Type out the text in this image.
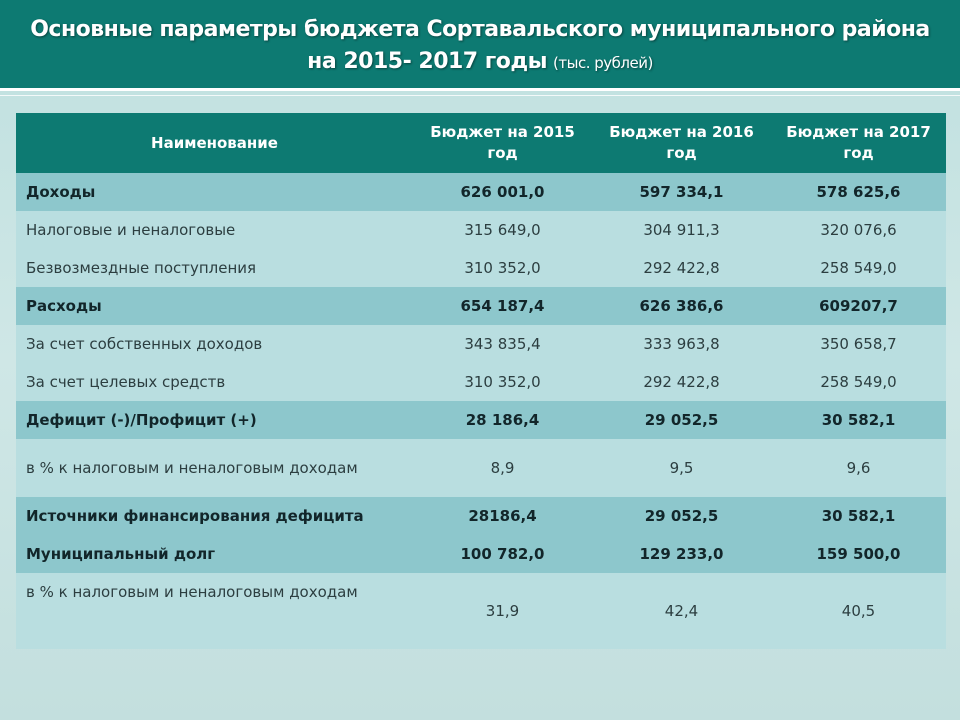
Основные параметры бюджета Сортавальского муниципального района
на 2015- 2017 годы (тыс. рублей)
Наименование	Бюджет на 2015 год	Бюджет на 2016 год	Бюджет на 2017 год
Доходы	626 001,0	597 334,1	578 625,6
Налоговые и неналоговые	315 649,0	304 911,3	320 076,6
Безвозмездные поступления	310 352,0	292 422,8	258 549,0
Расходы	654 187,4	626 386,6	609207,7
За счет собственных доходов	343 835,4	333 963,8	350 658,7
За счет целевых средств	310 352,0	292 422,8	258 549,0
Дефицит (-)/Профицит (+)	28 186,4	29 052,5	30 582,1
в % к налоговым и неналоговым доходам	8,9	9,5	9,6
Источники финансирования дефицита	28186,4	29 052,5	30 582,1
Муниципальный долг	100 782,0	129 233,0	159 500,0
в % к налоговым и неналоговым доходам	31,9	42,4	40,5
